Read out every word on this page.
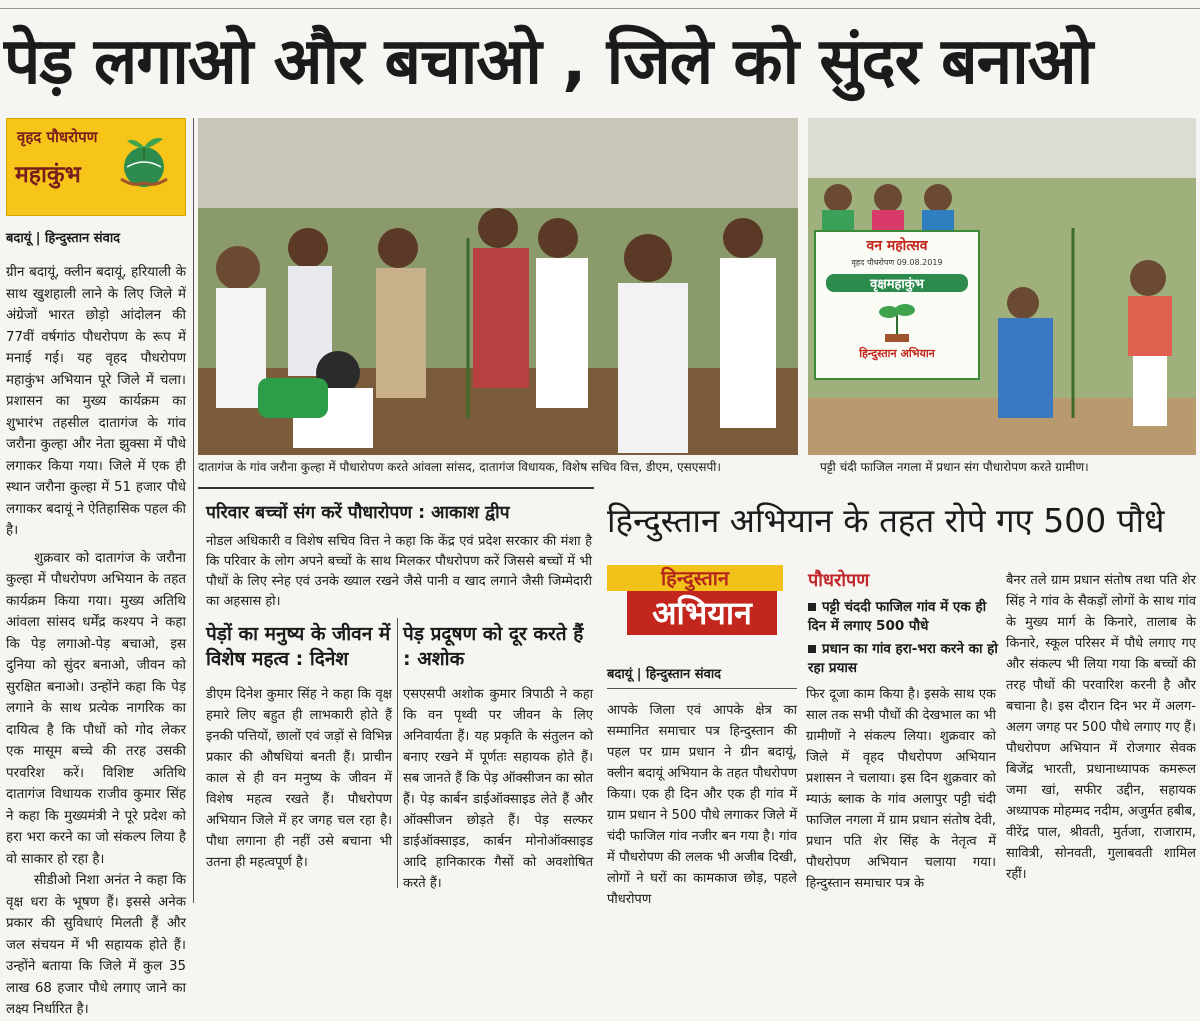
पेड़ लगाओ और बचाओ , जिले को सुंदर बनाओ
वृहद पौधरोपण
महाकुंभ
बदायूं | हिन्दुस्तान संवाद

ग्रीन बदायूं, क्लीन बदायूं, हरियाली के साथ खुशहाली लाने के लिए जिले में अंग्रेजों भारत छोड़ो आंदोलन की 77वीं वर्षगांठ पौधरोपण के रूप में मनाई गई। यह वृहद पौधरोपण महाकुंभ अभियान पूरे जिले में चला। प्रशासन का मुख्य कार्यक्रम का शुभारंभ तहसील दातागंज के गांव जरौना कुल्हा और नेता झुक्सा में पौधे लगाकर किया गया। जिले में एक ही स्थान जरौना कुल्हा में 51 हजार पौधे लगाकर बदायूं ने ऐतिहासिक पहल की है।

शुक्रवार को दातागंज के जरौना कुल्हा में पौधरोपण अभियान के तहत कार्यक्रम किया गया। मुख्य अतिथि आंवला सांसद धर्मेंद्र कश्यप ने कहा कि पेड़ लगाओ-पेड़ बचाओ, इस दुनिया को सुंदर बनाओ, जीवन को सुरक्षित बनाओ। उन्होंने कहा कि पेड़ लगाने के साथ प्रत्येक नागरिक का दायित्व है कि पौधों को गोद लेकर एक मासूम बच्चे की तरह उसकी परवरिश करें। विशिष्ट अतिथि दातागंज विधायक राजीव कुमार सिंह ने कहा कि मुख्यमंत्री ने पूरे प्रदेश को हरा भरा करने का जो संकल्प लिया है वो साकार हो रहा है।

सीडीओ निशा अनंत ने कहा कि वृक्ष धरा के भूषण हैं। इससे अनेक प्रकार की सुविधाएं मिलती हैं और जल संचयन में भी सहायक होते हैं। उन्होंने बताया कि जिले में कुल 35 लाख 68 हजार पौधे लगाए जाने का लक्ष्य निर्धारित है।

दातागंज के गांव जरौना कुल्हा में पौधारोपण करते आंवला सांसद, दातागंज विधायक, विशेष सचिव वित्त, डीएम, एसएसपी।
वन महोत्सव
वृहद पौधरोपण 09.08.2019
वृक्षमहाकुंभ
हिन्दुस्तान अभियान
पट्टी चंदी फाजिल नगला में प्रधान संग पौधारोपण करते ग्रामीण।
परिवार बच्चों संग करें पौधारोपण : आकाश द्वीप
नोडल अधिकारी व विशेष सचिव वित्त ने कहा कि केंद्र एवं प्रदेश सरकार की मंशा है कि परिवार के लोग अपने बच्चों के साथ मिलकर पौधरोपण करें जिससे बच्चों में भी पौधों के लिए स्नेह एवं उनके ख्याल रखने जैसे पानी व खाद लगाने जैसी जिम्मेदारी का अहसास हो।
पेड़ों का मनुष्य के जीवन में विशेष महत्व : दिनेश
डीएम दिनेश कुमार सिंह ने कहा कि वृक्ष हमारे लिए बहुत ही लाभकारी होते हैं इनकी पत्तियों, छालों एवं जड़ों से विभिन्न प्रकार की औषधियां बनती हैं। प्राचीन काल से ही वन मनुष्य के जीवन में विशेष महत्व रखते हैं। पौधरोपण अभियान जिले में हर जगह चल रहा है। पौधा लगाना ही नहीं उसे बचाना भी उतना ही महत्वपूर्ण है।
पेड़ प्रदूषण को दूर करते हैं : अशोक
एसएसपी अशोक कुमार त्रिपाठी ने कहा कि वन पृथ्वी पर जीवन के लिए अनिवार्यता हैं। यह प्रकृति के संतुलन को बनाए रखने में पूर्णतः सहायक होते हैं। सब जानते हैं कि पेड़ ऑक्सीजन का स्रोत हैं। पेड़ कार्बन डाईऑक्साइड लेते हैं और ऑक्सीजन छोड़ते हैं। पेड़ सल्फर डाईऑक्साइड, कार्बन मोनोऑक्साइड आदि हानिकारक गैसों को अवशोषित करते हैं।
हिन्दुस्तान अभियान के तहत रोपे गए 500 पौधे
हिन्दुस्तान
अभियान
पौधरोपण
पट्टी चंददी फाजिल गांव में एक ही दिन में लगाए 500 पौधे
प्रधान का गांव हरा-भरा करने का हो रहा प्रयास
बदायूं | हिन्दुस्तान संवाद
आपके जिला एवं आपके क्षेत्र का सम्मानित समाचार पत्र हिन्दुस्तान की पहल पर ग्राम प्रधान ने ग्रीन बदायूं, क्लीन बदायूं अभियान के तहत पौधरोपण किया। एक ही दिन और एक ही गांव में ग्राम प्रधान ने 500 पौधे लगाकर जिले में चंदी फाजिल गांव नजीर बन गया है। गांव में पौधरोपण की ललक भी अजीब दिखी, लोगों ने घरों का कामकाज छोड़, पहले पौधरोपण
फिर दूजा काम किया है। इसके साथ एक साल तक सभी पौधों की देखभाल का भी ग्रामीणों ने संकल्प लिया। शुक्रवार को जिले में वृहद पौधरोपण अभियान प्रशासन ने चलाया। इस दिन शुक्रवार को म्याऊं ब्लाक के गांव अलापुर पट्टी चंदी फाजिल नगला में ग्राम प्रधान संतोष देवी, प्रधान पति शेर सिंह के नेतृत्व में पौधरोपण अभियान चलाया गया। हिन्दुस्तान समाचार पत्र के
बैनर तले ग्राम प्रधान संतोष तथा पति शेर सिंह ने गांव के सैकड़ों लोगों के साथ गांव के मुख्य मार्ग के किनारे, तालाब के किनारे, स्कूल परिसर में पौधे लगाए गए और संकल्प भी लिया गया कि बच्चों की तरह पौधों की परवारिश करनी है और बचाना है। इस दौरान दिन भर में अलग-अलग जगह पर 500 पौधे लगाए गए हैं। पौधरोपण अभियान में रोजगार सेवक बिजेंद्र भारती, प्रधानाध्यापक कमरूल जमा खां, सफीर उद्दीन, सहायक अध्यापक मोहम्मद नदीम, अजुर्मत हबीब, वीरेंद्र पाल, श्रीवती, मुर्तजा, राजाराम, सावित्री, सोनवती, गुलाबवती शामिल रहीं।
